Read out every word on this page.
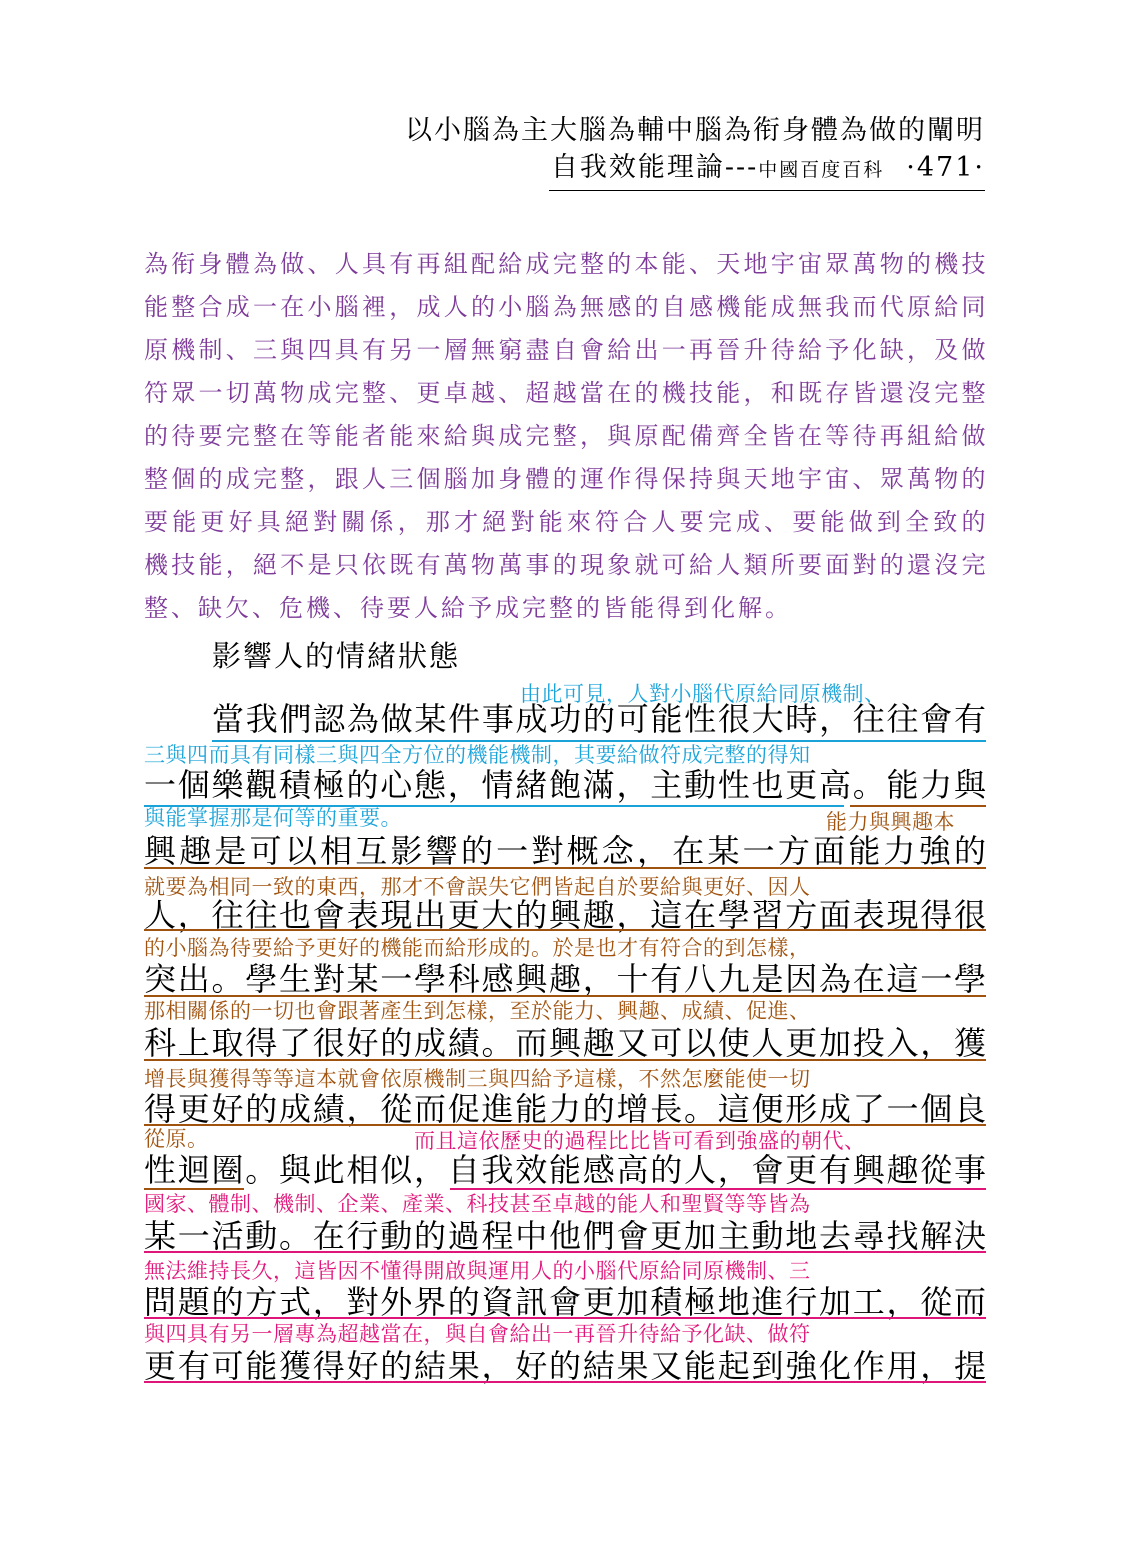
以小腦為主大腦為輔中腦為衔身體為做的闡明
自我效能理論---中國百度百科 ·471·
為衔身體為做、人具有再組配給成完整的本能、天地宇宙眾萬物的機技
能整合成一在小腦裡，成人的小腦為無感的自感機能成無我而代原給同
原機制、三與四具有另一層無窮盡自會給出一再晉升待給予化缺，及做
符眾一切萬物成完整、更卓越、超越當在的機技能，和既存皆還沒完整
的待要完整在等能者能來給與成完整，與原配備齊全皆在等待再組給做
整個的成完整，跟人三個腦加身體的運作得保持與天地宇宙、眾萬物的
要能更好具絕對關係，那才絕對能來符合人要完成、要能做到全致的
機技能，絕不是只依既有萬物萬事的現象就可給人類所要面對的還沒完
整、缺欠、危機、待要人給予成完整的皆能得到化解。
影響人的情緒狀態
由此可見，人對小腦代原給同原機制、
三與四而具有同樣三與四全方位的機能機制，其要給做符成完整的得知
與能掌握那是何等的重要。	能力與興趣本
就要為相同一致的東西，那才不會誤失它們皆起自於要給與更好、因人
的小腦為待要給予更好的機能而給形成的。於是也才有符合的到怎樣，
那相關係的一切也會跟著產生到怎樣，至於能力、興趣、成績、促進、
增長與獲得等等這本就會依原機制三與四給予這樣，不然怎麼能使一切
從原。	而且這依歷史的過程比比皆可看到強盛的朝代、
國家、體制、機制、企業、產業、科技甚至卓越的能人和聖賢等等皆為
無法維持長久，這皆因不懂得開啟與運用人的小腦代原給同原機制、三
與四具有另一層專為超越當在，與自會給出一再晉升待給予化缺、做符
當我們認為做某件事成功的可能性很大時，往往會有
一個樂觀積極的心態，情緒飽滿，主動性也更高。能力與
興趣是可以相互影響的一對概念，在某一方面能力強的
人，往往也會表現出更大的興趣，這在學習方面表現得很
突出。學生對某一學科感興趣，十有八九是因為在這一學
科上取得了很好的成績。而興趣又可以使人更加投入，獲
得更好的成績，從而促進能力的增長。這便形成了一個良
性迴圈。與此相似，自我效能感高的人，會更有興趣從事
某一活動。在行動的過程中他們會更加主動地去尋找解決
問題的方式，對外界的資訊會更加積極地進行加工，從而
更有可能獲得好的結果，好的結果又能起到強化作用，提
